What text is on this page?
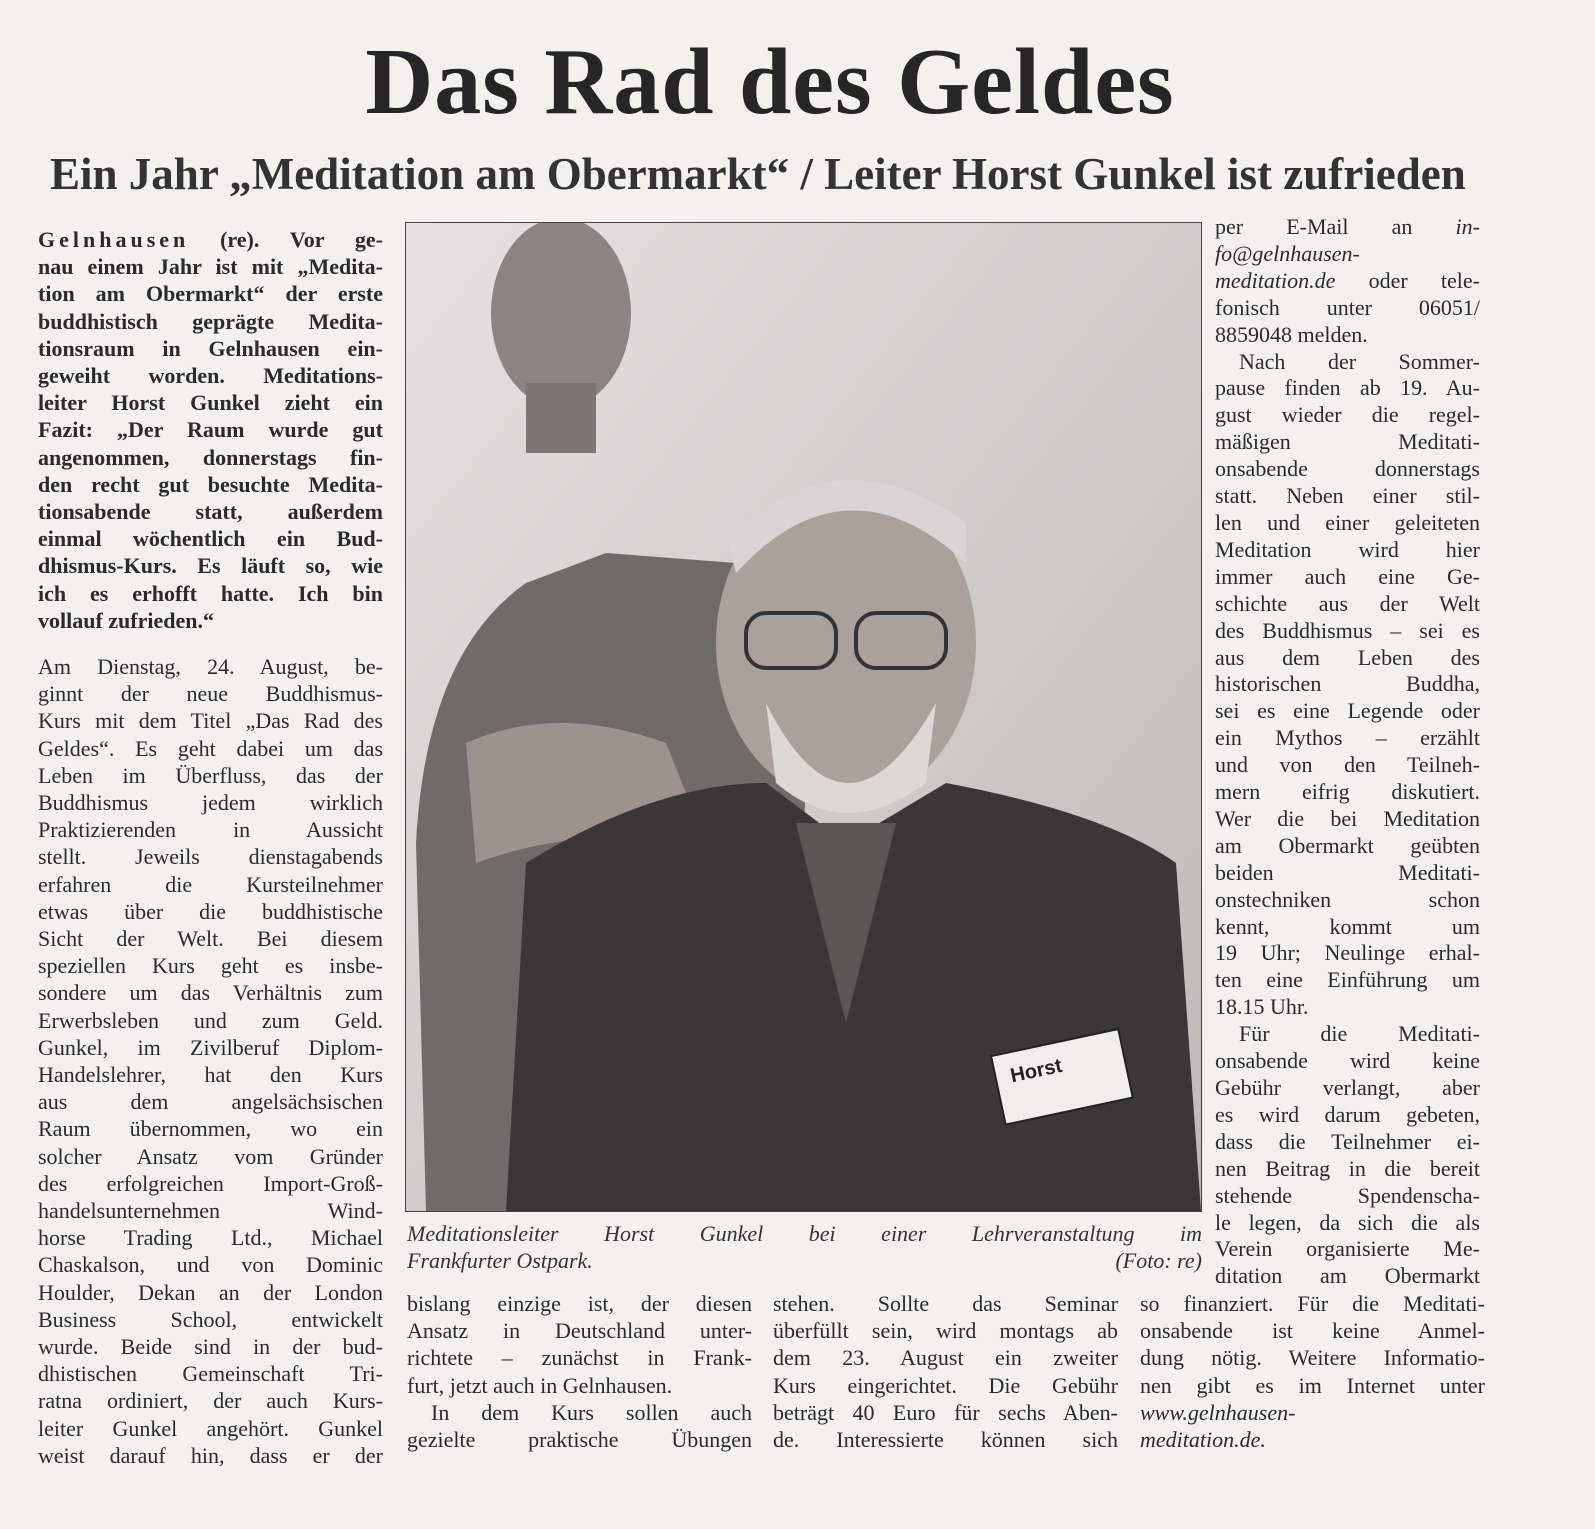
Das Rad des Geldes
Ein Jahr „Meditation am Obermarkt“ / Leiter Horst Gunkel ist zufrieden
Gelnhausen (re). Vor ge-
nau einem Jahr ist mit „Medita-
tion am Obermarkt“ der erste
buddhistisch geprägte Medita-
tionsraum in Gelnhausen ein-
geweiht worden. Meditations-
leiter Horst Gunkel zieht ein
Fazit: „Der Raum wurde gut
angenommen, donnerstags fin-
den recht gut besuchte Medita-
tionsabende statt, außerdem
einmal wöchentlich ein Bud-
dhismus-Kurs. Es läuft so, wie
ich es erhofft hatte. Ich bin
vollauf zufrieden.“
Am Dienstag, 24. August, be-
ginnt der neue Buddhismus-
Kurs mit dem Titel „Das Rad des
Geldes“. Es geht dabei um das
Leben im Überfluss, das der
Buddhismus jedem wirklich
Praktizierenden in Aussicht
stellt. Jeweils dienstagabends
erfahren die Kursteilnehmer
etwas über die buddhistische
Sicht der Welt. Bei diesem
speziellen Kurs geht es insbe-
sondere um das Verhältnis zum
Erwerbsleben und zum Geld.
Gunkel, im Zivilberuf Diplom-
Handelslehrer, hat den Kurs
aus dem angelsächsischen
Raum übernommen, wo ein
solcher Ansatz vom Gründer
des erfolgreichen Import-Groß-
handelsunternehmen Wind-
horse Trading Ltd., Michael
Chaskalson, und von Dominic
Houlder, Dekan an der London
Business School, entwickelt
wurde. Beide sind in der bud-
dhistischen Gemeinschaft Tri-
ratna ordiniert, der auch Kurs-
leiter Gunkel angehört. Gunkel
weist darauf hin, dass er der
Horst
Meditationsleiter Horst Gunkel bei einer Lehrveranstaltung im
Frankfurter Ostpark.	(Foto: re)
bislang einzige ist, der diesen
Ansatz in Deutschland unter-
richtete – zunächst in Frank-
furt, jetzt auch in Gelnhausen.
In dem Kurs sollen auch
gezielte praktische Übungen
stehen. Sollte das Seminar
überfüllt sein, wird montags ab
dem 23. August ein zweiter
Kurs eingerichtet. Die Gebühr
beträgt 40 Euro für sechs Aben-
de. Interessierte können sich
so finanziert. Für die Meditati-
onsabende ist keine Anmel-
dung nötig. Weitere Informatio-
nen gibt es im Internet unter
www.gelnhausen-
meditation.de.
per E-Mail an in-
fo@gelnhausen-
meditation.de oder tele-
fonisch unter 06051/
8859048 melden.
Nach der Sommer-
pause finden ab 19. Au-
gust wieder die regel-
mäßigen Meditati-
onsabende donnerstags
statt. Neben einer stil-
len und einer geleiteten
Meditation wird hier
immer auch eine Ge-
schichte aus der Welt
des Buddhismus – sei es
aus dem Leben des
historischen Buddha,
sei es eine Legende oder
ein Mythos – erzählt
und von den Teilneh-
mern eifrig diskutiert.
Wer die bei Meditation
am Obermarkt geübten
beiden Meditati-
onstechniken schon
kennt, kommt um
19 Uhr; Neulinge erhal-
ten eine Einführung um
18.15 Uhr.
Für die Meditati-
onsabende wird keine
Gebühr verlangt, aber
es wird darum gebeten,
dass die Teilnehmer ei-
nen Beitrag in die bereit
stehende Spendenscha-
le legen, da sich die als
Verein organisierte Me-
ditation am Obermarkt
